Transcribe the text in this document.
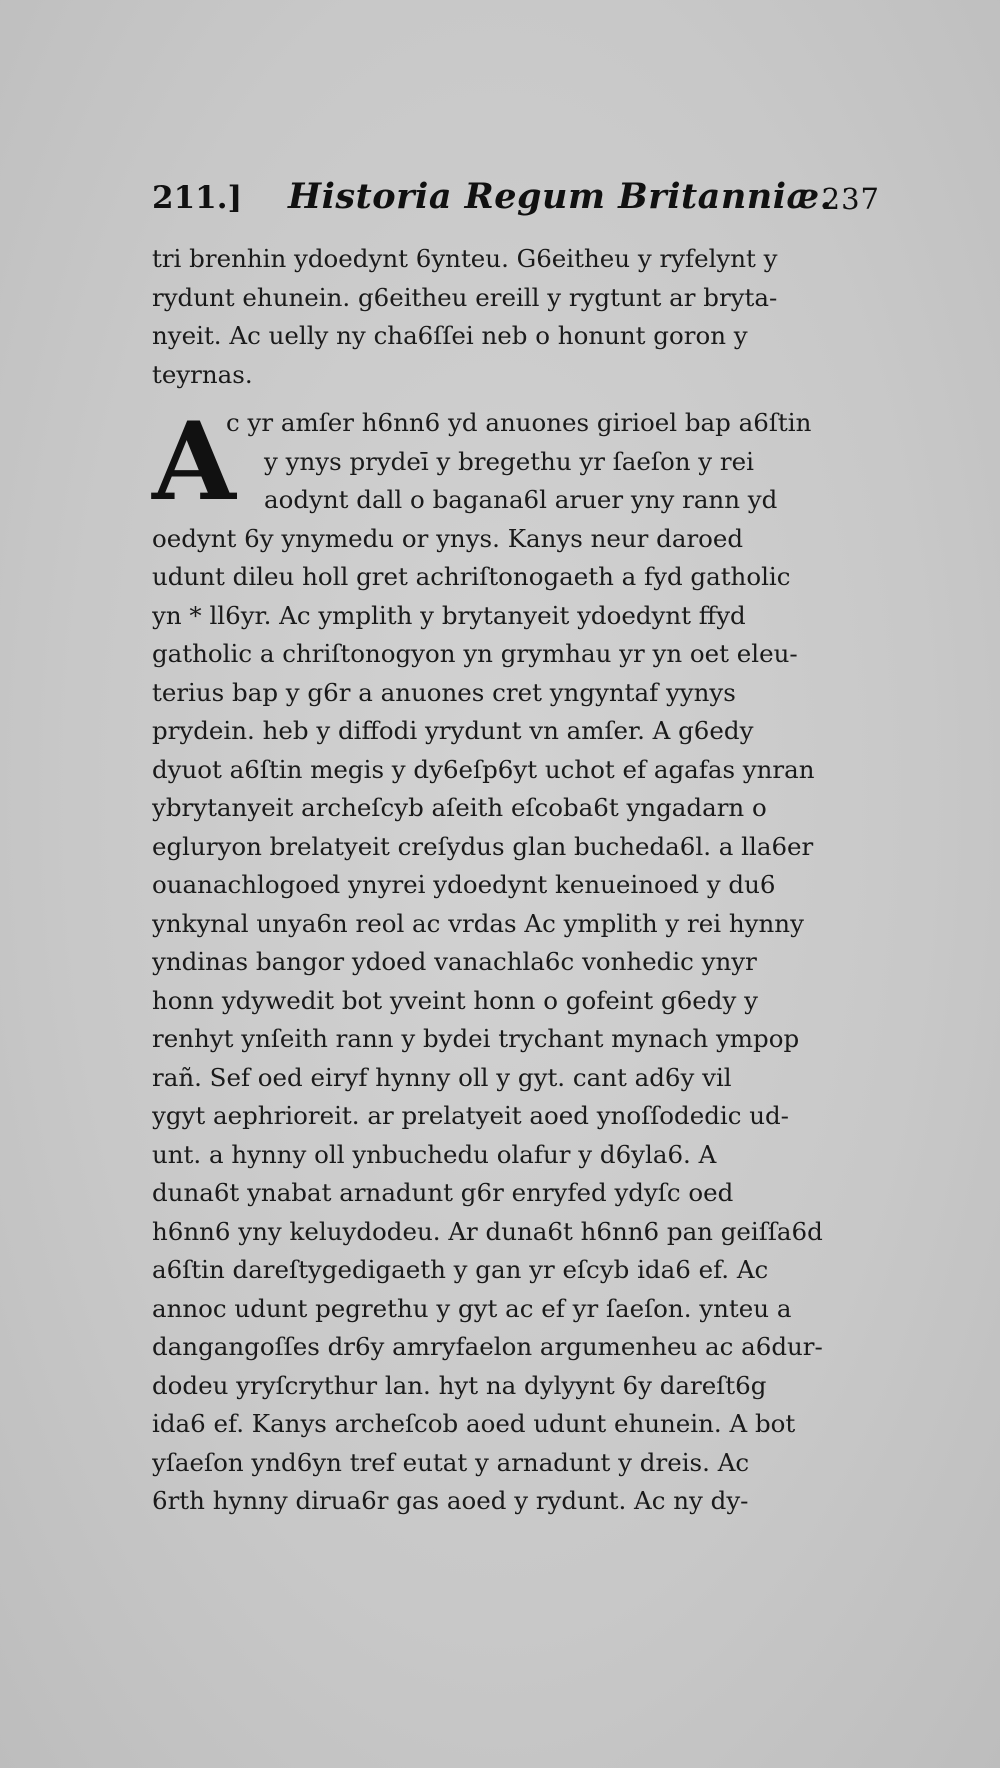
211.] Historia Regum Britanniæ.
237
tri brenhin ydoedynt 6ynteu. G6eitheu y ryfelynt y
rydunt ehunein. g6eitheu ereill y rygtunt ar brytа-
nyeit. Ac uelly ny cha6ſſei neb o honunt goron y
teyrnas.
A
c yr amſer h6nn6 yd anuones girioel bap a6ſtin
y ynys prydeī y bregethu yr ſaeſon y rei
aodynt dall o baganа6l aruer yny rann yd
oedynt 6y ynymedu or ynys. Kanys neur daroed
udunt dileu holl gret achriſtonogaeth a fyd gatholic
yn * ll6yr. Ac ymplith y brytanyeit ydoedynt ffyd
gatholic a chriſtonogyon yn grymhau yr yn oet eleu-
terius bap y g6r a anuones cret yngyntaf yynys
prydein. heb y diffodi yrydunt vn amſer. A g6edy
dyuot a6ſtin megis y dy6eſp6yt uchot ef agafas ynran
ybrytanyeit archeſcyb aſeith eſcoba6t yngadarn o
egluryon brelatyeit creſydus glan bucheda6l. a lla6er
ouanachlogoed ynyrei ydoedynt kenueinoed y du6
ynkynal unya6n reol ac vrdas Ac ymplith y rei hynny
yndinas bangor ydoed vanachla6c vonhedic ynyr
honn ydywedit bot yveint honn o gofeint g6edy y
renhyt ynſeith rann y bydei trychant mynach ympop
rañ. Sef oed eiryf hynny oll y gyt. cant ad6y vil
ygyt aephrioreit. ar prelatyeit aoed ynoſſodedic ud-
unt. a hynny oll ynbuchedu olafur y d6yla6. A
duna6t ynabat arnadunt g6r enryfed ydyſc oed
h6nn6 yny keluydodeu. Ar duna6t h6nn6 pan geiſſa6d
a6ſtin dareſtygedigaeth y gan yr eſcyb ida6 ef. Ac
annoc udunt pegrethu y gyt ac ef yr ſaeſon. ynteu a
dangangoſſes dr6y amryfaelon argumenheu ac a6dur-
dodeu yryſcrythur lan. hyt na dylyynt 6y dareſt6g
ida6 ef. Kanys archeſcob aoed udunt ehunein. A bot
yſaeſon ynd6yn tref eutat y arnadunt y dreis. Ac
6rth hynny dirua6r gas aoed y rydunt. Ac ny dy-
